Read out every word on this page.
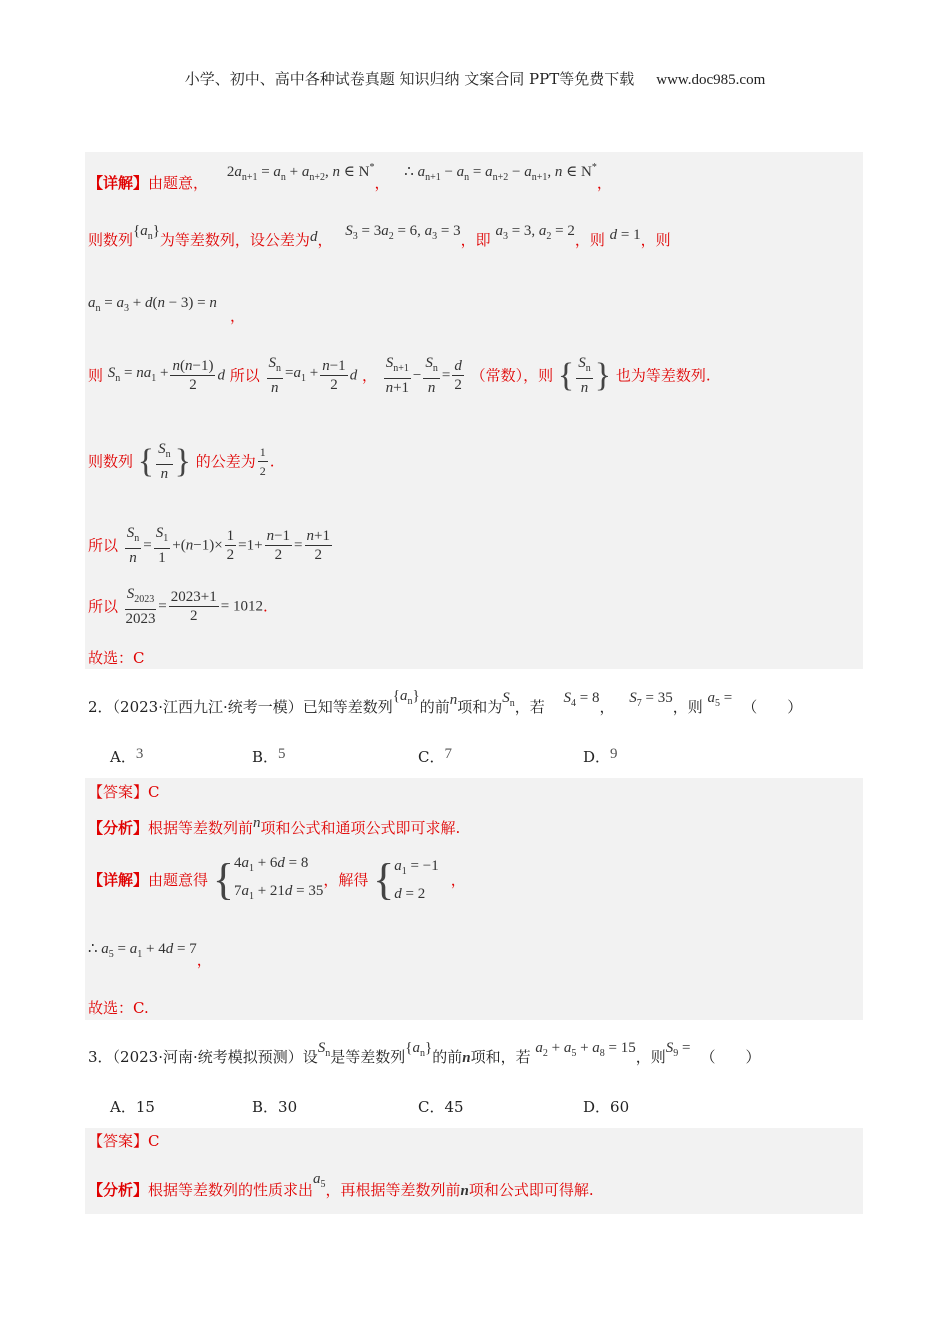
小学、初中、高中各种试卷真题 知识归纳 文案合同 PPT等免费下载 www.doc985.com
【详解】由题意， $2a_{n+1} = a_n + a_{n+2}$, n ∈ N*， ∴ $a_{n+1} - a_n = a_{n+2} - a_{n+1}$, n ∈ N*，
则数列$\{a_n\}$为等差数列，设公差为d， $S_3 = 3a_2 = 6$, $a_3 = 3$，即 $a_3 = 3$, $a_2 = 2$，则 d = 1，则
$a_n = a_3 + d(n - 3) = n$
，
则 $S_n = na_1 + \frac{n(n-1)}{2}$ d 所以 $\frac{S_n}{n} =a_1 + \frac{n-1}{2}$ d ， $\frac{S_{n+1}}{n+1} - \frac{S_n}{n} = \frac{d}{2}$ （常数），则 { $\frac{S_n}{n}$ } 也为等差数列.
则数列 { $\frac{S_n}{n}$ } 的公差为 $\frac{1}{2}$ .
所以 $\frac{S_n}{n} = \frac{S_1}{1} +(n-1)\times \frac{1}{2} =1+ \frac{n-1}{2} = \frac{n+1}{2}$
所以 $\frac{S_{2023}}{2023} = \frac{2023+1}{2} = 1012$.
故选：C
2．（2023·江西九江·统考一模）已知等差数列$\{a_n\}$的前n项和为$S_n$，若 $S_4 = 8$， $S_7 = 35$，则 $a_5$ = （　　）
A．3	B．5	C．7	D．9
【答案】C
【分析】根据等差数列前n项和公式和通项公式即可求解.
【详解】由题意得 { $4a_1 + 6d = 8$
$7a_1 + 21d = 35$
，解得 { $a_1 = -1$
d = 2
，
∴ $a_5 = a_1 + 4d = 7$，
故选：C.
3．（2023·河南·统考模拟预测）设$S_n$是等差数列$\{a_n\}$的前n项和，若 $a_2 + a_5 + a_8 = 15$，则$S_9$ = （　　）
A．15	B．30	C．45	D．60
【答案】C
【分析】根据等差数列的性质求出$a_5$，再根据等差数列前n项和公式即可得解.
